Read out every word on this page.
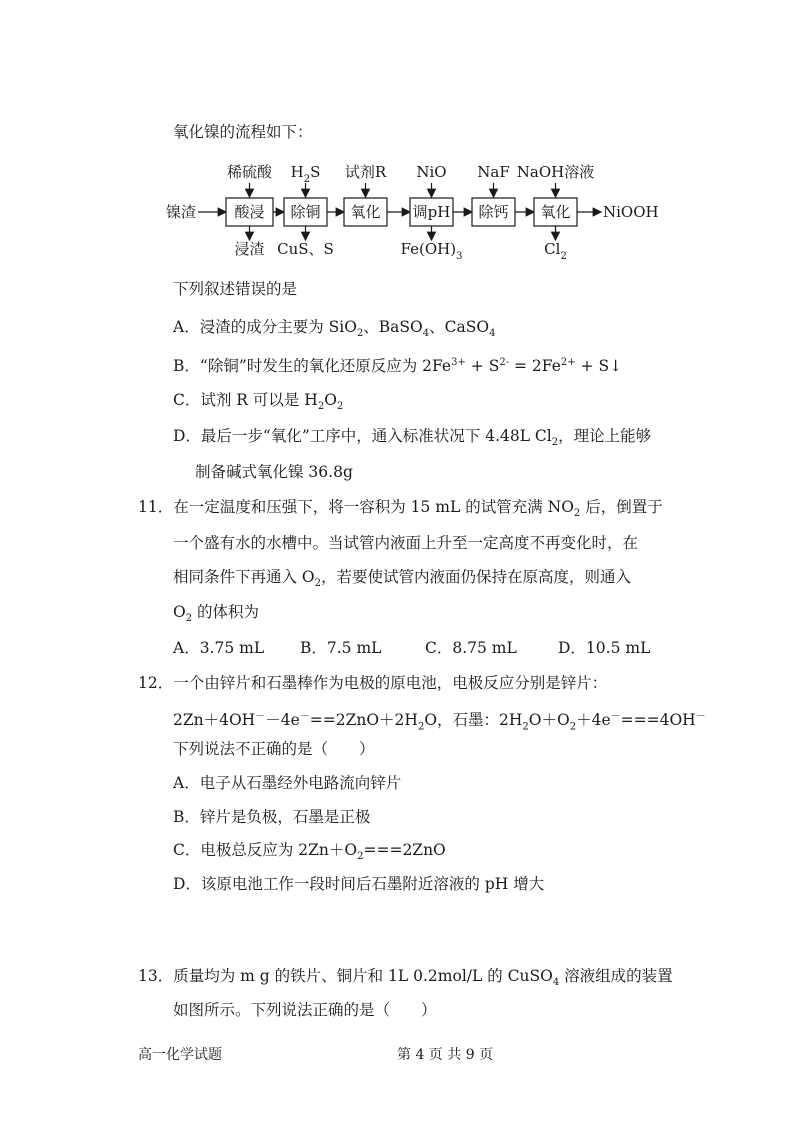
氧化镍的流程如下：
镍渣	酸浸
稀硫酸
浸渣
除铜
$H_2S$
CuS、S
氧化
试剂R
调pH
NiO
$Fe(OH)_3$
除钙
NaF
氧化
NaOH溶液
$Cl_2$
NiOOH
下列叙述错误的是
A．浸渣的成分主要为 SiO$_2$、BaSO$_4$、CaSO$_4$
B．“除铜”时发生的氧化还原反应为 $2Fe^{3+} + S^{2-} = 2Fe^{2+}$ + S↓
C．试剂 R 可以是 $H_2O_2$
D．最后一步“氧化”工序中，通入标准状况下 4.48L $Cl_2$，理论上能够
制备碱式氧化镍 36.8g
11．在一定温度和压强下，将一容积为 15 mL 的试管充满 $NO_2$ 后，倒置于
一个盛有水的水槽中。当试管内液面上升至一定高度不再变化时，在
相同条件下再通入 $O_2$，若要使试管内液面仍保持在原高度，则通入
$O_2$ 的体积为
A．3.75 mL B．7.5 mL	C．8.75 mL	D．10.5 mL
12．一个由锌片和石墨棒作为电极的原电池，电极反应分别是锌片：
$2Zn+4OH^--4e^-==2ZnO+2H_2O$，石墨：$2H_2O+O_2+4e^-===4OH^-$
下列说法不正确的是（　　）
A．电子从石墨经外电路流向锌片
B．锌片是负极，石墨是正极
C．电极总反应为 $2Zn+O_2===2ZnO$
D．该原电池工作一段时间后石墨附近溶液的 pH 增大
13．质量均为 m g 的铁片、铜片和 1L 0.2mol/L 的 CuSO$_4$ 溶液组成的装置
如图所示。下列说法正确的是（　　）
高一化学试题	第 4 页 共 9 页
